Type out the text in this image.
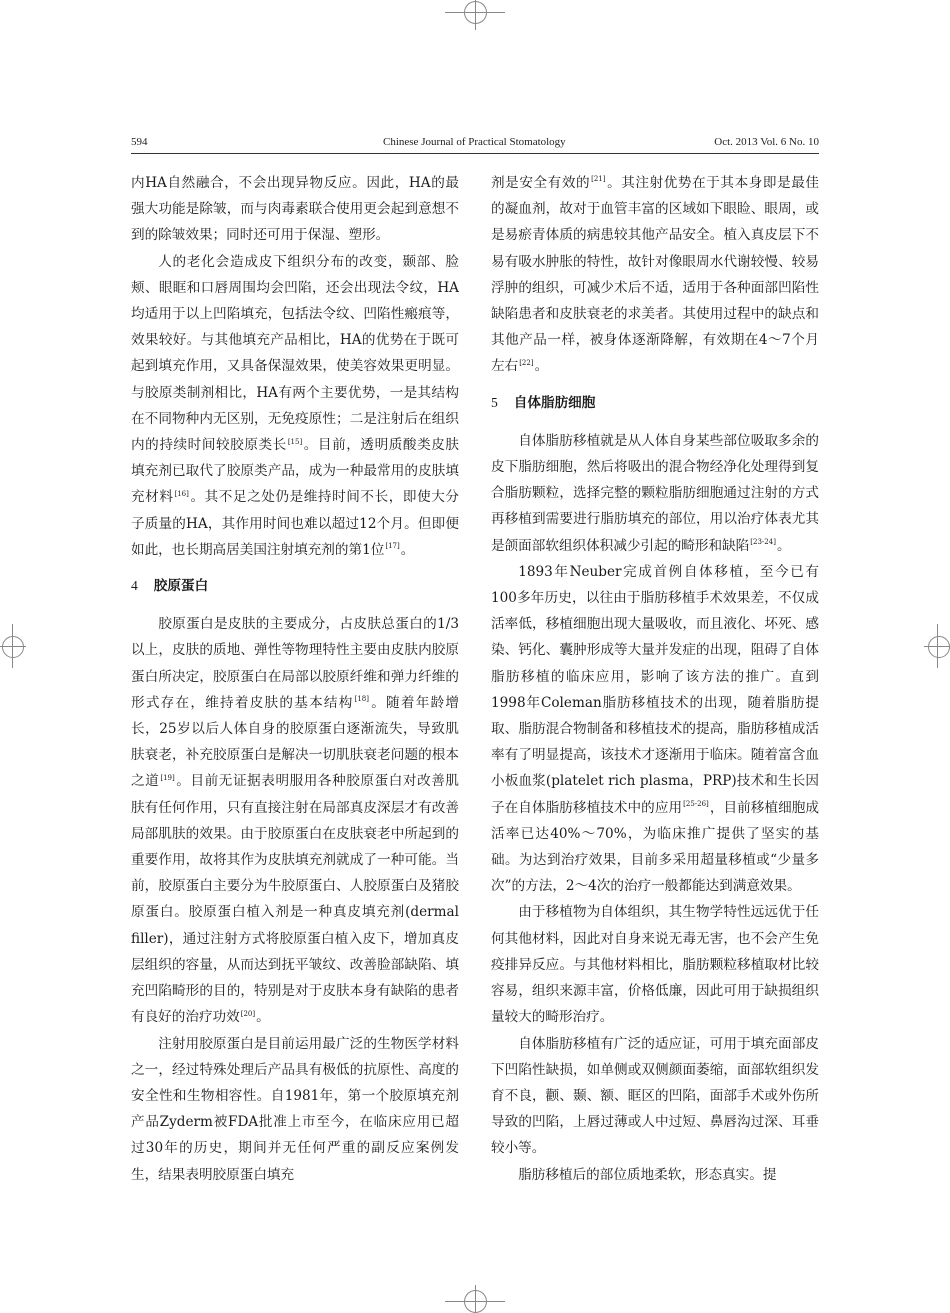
594	Chinese Journal of Practical Stomatology	Oct. 2013 Vol. 6 No. 10

内HA自然融合，不会出现异物反应。因此，HA的最强大功能是除皱，而与肉毒素联合使用更会起到意想不到的除皱效果；同时还可用于保湿、塑形。

人的老化会造成皮下组织分布的改变，颞部、脸颊、眼眶和口唇周围均会凹陷，还会出现法令纹，HA均适用于以上凹陷填充，包括法令纹、凹陷性瘢痕等，效果较好。与其他填充产品相比，HA的优势在于既可起到填充作用，又具备保湿效果，使美容效果更明显。与胶原类制剂相比，HA有两个主要优势，一是其结构在不同物种内无区别，无免疫原性；二是注射后在组织内的持续时间较胶原类长[15]。目前，透明质酸类皮肤填充剂已取代了胶原类产品，成为一种最常用的皮肤填充材料[16]。其不足之处仍是维持时间不长，即使大分子质量的HA，其作用时间也难以超过12个月。但即便如此，也长期高居美国注射填充剂的第1位[17]。

4 胶原蛋白

胶原蛋白是皮肤的主要成分，占皮肤总蛋白的1/3以上，皮肤的质地、弹性等物理特性主要由皮肤内胶原蛋白所决定，胶原蛋白在局部以胶原纤维和弹力纤维的形式存在，维持着皮肤的基本结构[18]。随着年龄增长，25岁以后人体自身的胶原蛋白逐渐流失，导致肌肤衰老，补充胶原蛋白是解决一切肌肤衰老问题的根本之道[19]。目前无证据表明服用各种胶原蛋白对改善肌肤有任何作用，只有直接注射在局部真皮深层才有改善局部肌肤的效果。由于胶原蛋白在皮肤衰老中所起到的重要作用，故将其作为皮肤填充剂就成了一种可能。当前，胶原蛋白主要分为牛胶原蛋白、人胶原蛋白及猪胶原蛋白。胶原蛋白植入剂是一种真皮填充剂(dermal filler)，通过注射方式将胶原蛋白植入皮下，增加真皮层组织的容量，从而达到抚平皱纹、改善脸部缺陷、填充凹陷畸形的目的，特别是对于皮肤本身有缺陷的患者有良好的治疗功效[20]。

注射用胶原蛋白是目前运用最广泛的生物医学材料之一，经过特殊处理后产品具有极低的抗原性、高度的安全性和生物相容性。自1981年，第一个胶原填充剂产品Zyderm被FDA批准上市至今，在临床应用已超过30年的历史，期间并无任何严重的副反应案例发生，结果表明胶原蛋白填充

剂是安全有效的[21]。其注射优势在于其本身即是最佳的凝血剂，故对于血管丰富的区域如下眼睑、眼周，或是易瘀青体质的病患较其他产品安全。植入真皮层下不易有吸水肿胀的特性，故针对像眼周水代谢较慢、较易浮肿的组织，可减少术后不适，适用于各种面部凹陷性缺陷患者和皮肤衰老的求美者。其使用过程中的缺点和其他产品一样，被身体逐渐降解，有效期在4～7个月左右[22]。

5 自体脂肪细胞

自体脂肪移植就是从人体自身某些部位吸取多余的皮下脂肪细胞，然后将吸出的混合物经净化处理得到复合脂肪颗粒，选择完整的颗粒脂肪细胞通过注射的方式再移植到需要进行脂肪填充的部位，用以治疗体表尤其是颌面部软组织体积减少引起的畸形和缺陷[23-24]。

1893年Neuber完成首例自体移植，至今已有100多年历史，以往由于脂肪移植手术效果差，不仅成活率低，移植细胞出现大量吸收，而且液化、坏死、感染、钙化、囊肿形成等大量并发症的出现，阻碍了自体脂肪移植的临床应用，影响了该方法的推广。直到1998年Coleman脂肪移植技术的出现，随着脂肪提取、脂肪混合物制备和移植技术的提高，脂肪移植成活率有了明显提高，该技术才逐渐用于临床。随着富含血小板血浆(platelet rich plasma，PRP)技术和生长因子在自体脂肪移植技术中的应用[25-26]，目前移植细胞成活率已达40%～70%，为临床推广提供了坚实的基础。为达到治疗效果，目前多采用超量移植或“少量多次”的方法，2～4次的治疗一般都能达到满意效果。

由于移植物为自体组织，其生物学特性远远优于任何其他材料，因此对自身来说无毒无害，也不会产生免疫排异反应。与其他材料相比，脂肪颗粒移植取材比较容易，组织来源丰富，价格低廉，因此可用于缺损组织量较大的畸形治疗。

自体脂肪移植有广泛的适应证，可用于填充面部皮下凹陷性缺损，如单侧或双侧颜面萎缩，面部软组织发育不良，颧、颞、额、眶区的凹陷，面部手术或外伤所导致的凹陷，上唇过薄或人中过短、鼻唇沟过深、耳垂较小等。

脂肪移植后的部位质地柔软，形态真实。提
